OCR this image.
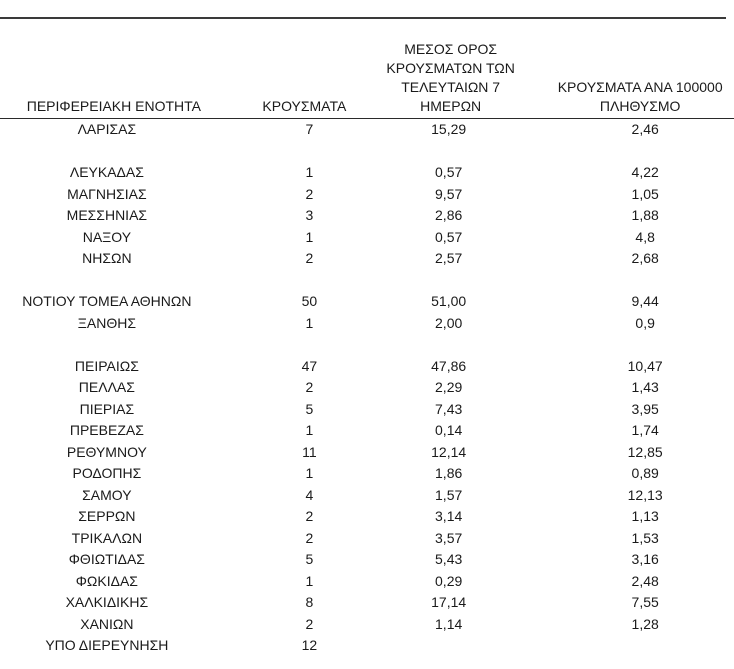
ΠΕΡΙΦΕΡΕΙΑΚΗ ΕΝΟΤΗΤΑ	ΚΡΟΥΣΜΑΤΑ	ΜΕΣΟΣ ΟΡΟΣ ΚΡΟΥΣΜΑΤΩΝ ΤΩΝ ΤΕΛΕΥΤΑΙΩΝ 7 ΗΜΕΡΩΝ	ΚΡΟΥΣΜΑΤΑ ΑΝΑ 100000 ΠΛΗΘΥΣΜΟ
ΛΑΡΙΣΑΣ	7	15,29	2,46

ΛΕΥΚΑΔΑΣ	1	0,57	4,22
ΜΑΓΝΗΣΙΑΣ	2	9,57	1,05
ΜΕΣΣΗΝΙΑΣ	3	2,86	1,88
ΝΑΞΟΥ	1	0,57	4,8
ΝΗΣΩΝ	2	2,57	2,68

ΝΟΤΙΟΥ ΤΟΜΕΑ ΑΘΗΝΩΝ	50	51,00	9,44
ΞΑΝΘΗΣ	1	2,00	0,9

ΠΕΙΡΑΙΩΣ	47	47,86	10,47
ΠΕΛΛΑΣ	2	2,29	1,43
ΠΙΕΡΙΑΣ	5	7,43	3,95
ΠΡΕΒΕΖΑΣ	1	0,14	1,74
ΡΕΘΥΜΝΟΥ	11	12,14	12,85
ΡΟΔΟΠΗΣ	1	1,86	0,89
ΣΑΜΟΥ	4	1,57	12,13
ΣΕΡΡΩΝ	2	3,14	1,13
ΤΡΙΚΑΛΩΝ	2	3,57	1,53
ΦΘΙΩΤΙΔΑΣ	5	5,43	3,16
ΦΩΚΙΔΑΣ	1	0,29	2,48
ΧΑΛΚΙΔΙΚΗΣ	8	17,14	7,55
ΧΑΝΙΩΝ	2	1,14	1,28
ΥΠΟ ΔΙΕΡΕΥΝΗΣΗ	12		
